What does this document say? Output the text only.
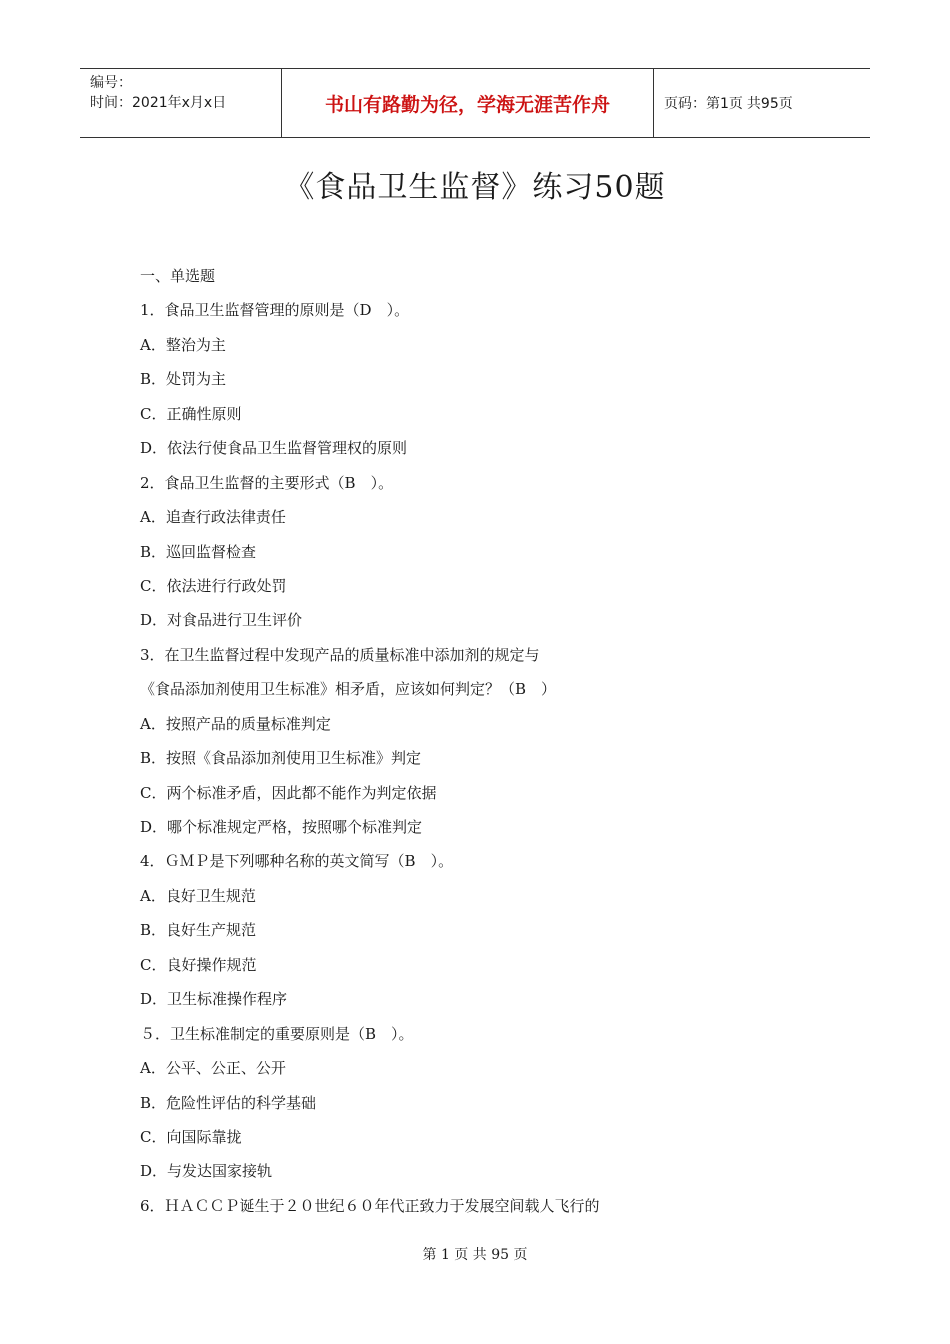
编号：
时间：2021年x月x日	书山有路勤为径，学海无涯苦作舟	页码：第1页 共95页
《食品卫生监督》练习50题
一、单选题
1．食品卫生监督管理的原则是（D　）。
A．整治为主
B．处罚为主
C．正确性原则
D．依法行使食品卫生监督管理权的原则
2．食品卫生监督的主要形式（B　）。
A．追查行政法律责任
B．巡回监督检查
C．依法进行行政处罚
D．对食品进行卫生评价
3．在卫生监督过程中发现产品的质量标准中添加剂的规定与
《食品添加剂使用卫生标准》相矛盾，应该如何判定？（B　）
A．按照产品的质量标准判定
B．按照《食品添加剂使用卫生标准》判定
C．两个标准矛盾，因此都不能作为判定依据
D．哪个标准规定严格，按照哪个标准判定
4．ＧＭＰ是下列哪种名称的英文简写（B　）。
A．良好卫生规范
B．良好生产规范
C．良好操作规范
D．卫生标准操作程序
５．卫生标准制定的重要原则是（B　）。
A．公平、公正、公开
B．危险性评估的科学基础
C．向国际靠拢
D．与发达国家接轨
6．ＨＡＣＣＰ诞生于２０世纪６０年代正致力于发展空间载人飞行的
第 1 页 共 95 页
